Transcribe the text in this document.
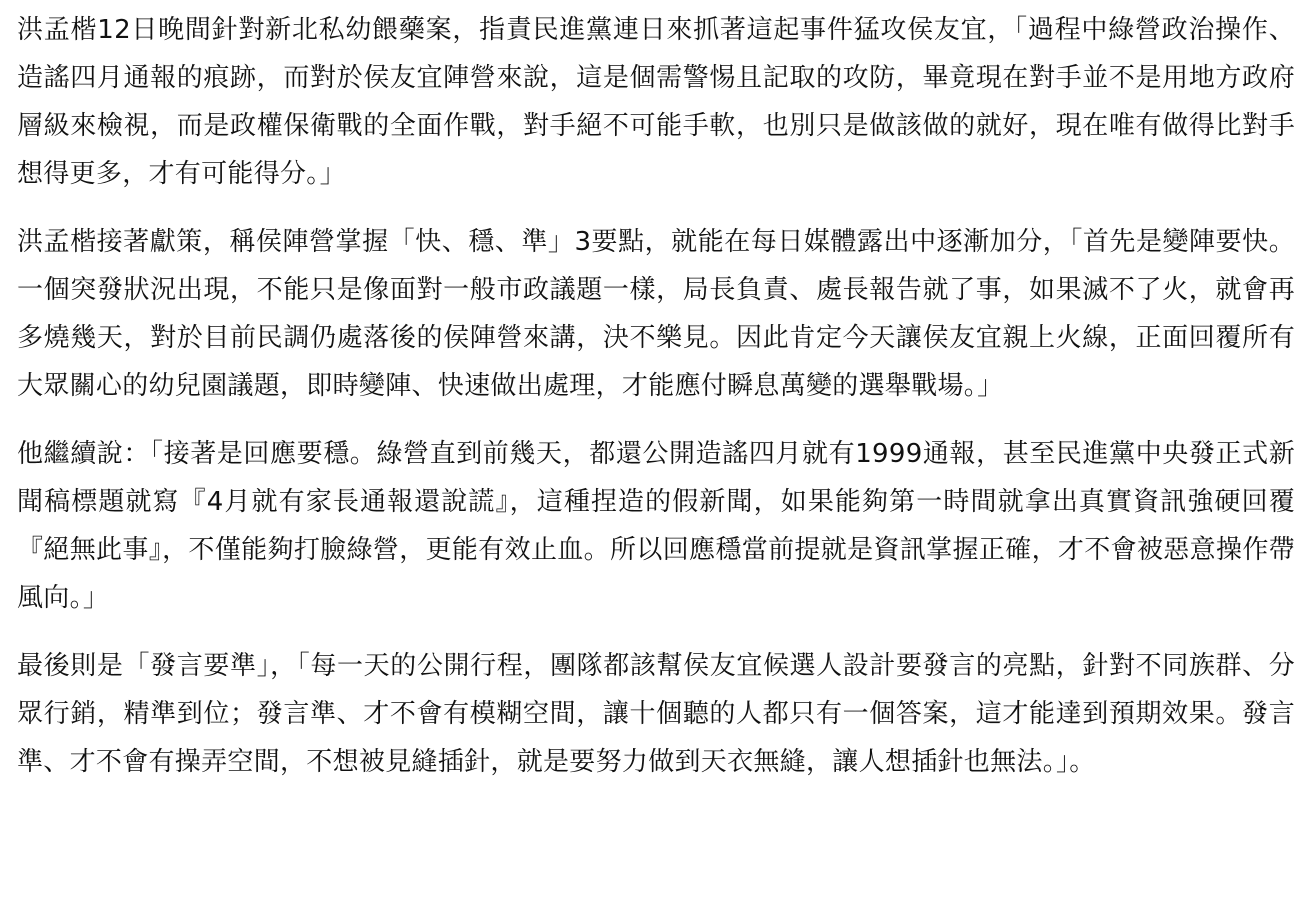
洪孟楷12日晚間針對新北私幼餵藥案，指責民進黨連日來抓著這起事件猛攻侯友宜，「過程中綠營政治操作、造謠四月通報的痕跡，而對於侯友宜陣營來說，這是個需警惕且記取的攻防，畢竟現在對手並不是用地方政府層級來檢視，而是政權保衛戰的全面作戰，對手絕不可能手軟，也別只是做該做的就好，現在唯有做得比對手想得更多，才有可能得分。」

洪孟楷接著獻策，稱侯陣營掌握「快、穩、準」3要點，就能在每日媒體露出中逐漸加分，「首先是變陣要快。一個突發狀況出現，不能只是像面對一般市政議題一樣，局長負責、處長報告就了事，如果滅不了火，就會再多燒幾天，對於目前民調仍處落後的侯陣營來講，決不樂見。因此肯定今天讓侯友宜親上火線，正面回覆所有大眾關心的幼兒園議題，即時變陣、快速做出處理，才能應付瞬息萬變的選舉戰場。」

他繼續說：「接著是回應要穩。綠營直到前幾天，都還公開造謠四月就有1999通報，甚至民進黨中央發正式新聞稿標題就寫『4月就有家長通報還說謊』，這種捏造的假新聞，如果能夠第一時間就拿出真實資訊強硬回覆『絕無此事』，不僅能夠打臉綠營，更能有效止血。所以回應穩當前提就是資訊掌握正確，才不會被惡意操作帶風向。」

最後則是「發言要準」，「每一天的公開行程，團隊都該幫侯友宜候選人設計要發言的亮點，針對不同族群、分眾行銷，精準到位；發言準、才不會有模糊空間，讓十個聽的人都只有一個答案，這才能達到預期效果。發言準、才不會有操弄空間，不想被見縫插針，就是要努力做到天衣無縫，讓人想插針也無法。」。
